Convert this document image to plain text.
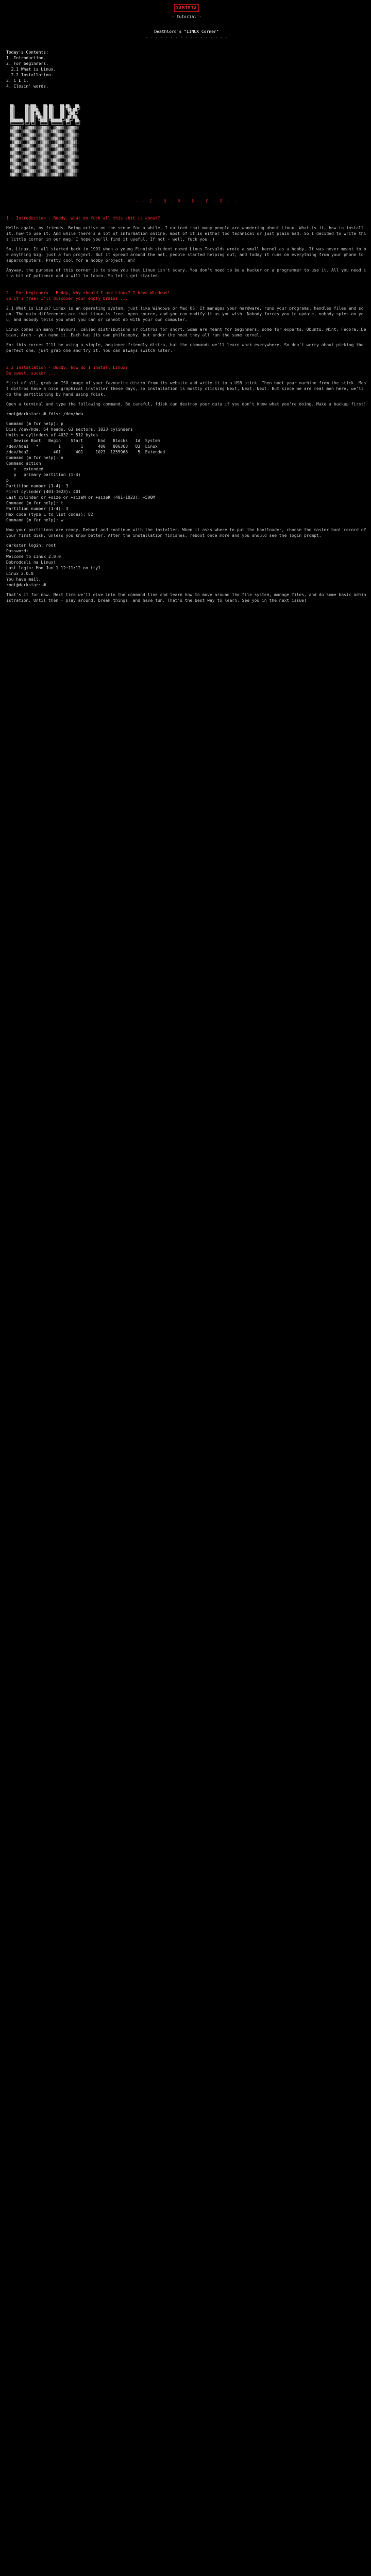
XAMIRIA
- tutorial -
Deathlord's "LINUX Corner"
- - - - - - - - - - - - - - - - -
Today's Contents:
1. Introduction.
2. For beginners.
2.1 What is Linux.
2.2 Installation.
3. C L I.
4. Closin' words.
██╗     ██╗███╗   ██╗██╗   ██╗██╗  ██╗
██║     ██║████╗  ██║██║   ██║╚██╗██╔╝
██║     ██║██╔██╗ ██║██║   ██║ ╚███╔╝
██║     ██║██║╚██╗██║██║   ██║ ██╔██╗
███████╗██║██║ ╚████║╚██████╔╝██╔╝ ██╗
╚══════╝╚═╝╚═╝  ╚═══╝ ╚═════╝ ╚═╝  ╚═╝
░▒▓█▓▒░ ░▒▓█▓▒░░▒▓█▓▒░ ░▒▓█▓▒░░▒▓█▓▒░
▓█▓▒░ ░▒▓█▓▒░ ░▒▓█▓▒░░▒▓█▓▒░ ░▒▓█▓▒░
░▒▓█▓▒░ ░▒▓█▓▒░░▒▓█▓▒░ ░▒▓█▓▒░░▒▓█▓▒░
▓█▓▒░ ░▒▓█▓▒░ ░▒▓█▓▒░░▒▓█▓▒░ ░▒▓█▓▒░
░▒▓█▓▒░ ░▒▓█▓▒░░▒▓█▓▒░ ░▒▓█▓▒░░▒▓█▓▒░
▓█▓▒░ ░▒▓█▓▒░ ░▒▓█▓▒░░▒▓█▓▒░ ░▒▓█▓▒░
░▒▓█▓▒░ ░▒▓█▓▒░░▒▓█▓▒░ ░▒▓█▓▒░░▒▓█▓▒░
▓█▓▒░ ░▒▓█▓▒░ ░▒▓█▓▒░░▒▓█▓▒░ ░▒▓█▓▒░
░▒▓█▓▒░ ░▒▓█▓▒░░▒▓█▓▒░ ░▒▓█▓▒░░▒▓█▓▒░
▓█▓▒░ ░▒▓█▓▒░ ░▒▓█▓▒░░▒▓█▓▒░ ░▒▓█▓▒░
░▒▓█▓▒░ ░▒▓█▓▒░░▒▓█▓▒░ ░▒▓█▓▒░░▒▓█▓▒░
▓█▓▒░ ░▒▓█▓▒░ ░▒▓█▓▒░░▒▓█▓▒░ ░▒▓█▓▒░
░▒▓█▓▒░ ░▒▓█▓▒░░▒▓█▓▒░ ░▒▓█▓▒░░▒▓█▓▒░
▓█▓▒░ ░▒▓█▓▒░ ░▒▓█▓▒░░▒▓█▓▒░ ░▒▓█▓▒░
- - C - O - R - N - E - R - -
1 - Introduction - Buddy, what do fuck all this shit is about?
Hello again, my friends. Being active on the scene for a while, I noticed that many people are wondering about Linux. What is it, how to install it, how to use it. And while there's a lot of information online, most of it is either too technical or just plain bad. So I decided to write this little corner in our mag. I hope you'll find it useful. If not - well, fuck you ;)
So, Linux. It all started back in 1991 when a young Finnish student named Linus Torvalds wrote a small kernel as a hobby. It was never meant to be anything big, just a fun project. But it spread around the net, people started helping out, and today it runs on everything from your phone to supercomputers. Pretty cool for a hobby project, eh?
Anyway, the purpose of this corner is to show you that Linux isn't scary. You don't need to be a hacker or a programmer to use it. All you need is a bit of patience and a will to learn. So let's get started.
2 - For beginners - Buddy, why should I use Linux? I have Windows!
So it's free? I'll discover your empty brains ...
2.1 What is Linux? Linux is an operating system, just like Windows or Mac OS. It manages your hardware, runs your programs, handles files and so on. The main differences are that Linux is free, open source, and you can modify it as you wish. Nobody forces you to update, nobody spies on you, and nobody tells you what you can or cannot do with your own computer.
Linux comes in many flavours, called distributions or distros for short. Some are meant for beginners, some for experts. Ubuntu, Mint, Fedora, Debian, Arch - you name it. Each has its own philosophy, but under the hood they all run the same kernel.
For this corner I'll be using a simple, beginner-friendly distro, but the commands we'll learn work everywhere. So don't worry about picking the perfect one, just grab one and try it. You can always switch later.
2.2 Installation - Buddy, how do I install Linux?
Be sweet, sucker ...
First of all, grab an ISO image of your favourite distro from its website and write it to a USB stick. Then boot your machine from the stick. Most distros have a nice graphical installer these days, so installation is mostly clicking Next, Next, Next. But since we are real men here, we'll do the partitioning by hand using fdisk.
Open a terminal and type the following command. Be careful, fdisk can destroy your data if you don't know what you're doing. Make a backup first!
root@darkstar:~# fdisk /dev/hda
Command (m for help): p
Disk /dev/hda: 64 heads, 63 sectors, 1023 cylinders
Units = cylinders of 4032 * 512 bytes
Device Boot   Begin    Start      End   Blocks   Id  System
/dev/hda1   *        1        1      400   806368   83  Linux
/dev/hda2          401      401     1023  1255968    5  Extended
Command (m for help): n
Command action
e   extended
p   primary partition (1-4)
p
Partition number (1-4): 3
First cylinder (401-1023): 401
Last cylinder or +size or +sizeM or +sizeK (401-1023): +500M
Command (m for help): t
Partition number (1-4): 3
Hex code (type L to list codes): 82
Command (m for help): w
Now your partitions are ready. Reboot and continue with the installer. When it asks where to put the bootloader, choose the master boot record of your first disk, unless you know better. After the installation finishes, reboot once more and you should see the login prompt.
darkstar login: root
Password:
Welcome to Linux 2.0.0
Dobrodosli na Linux!
Last login: Mon Jun 1 12:11:12 on tty1
Linux 2.0.0
You have mail.
root@darkstar:~#
That's it for now. Next time we'll dive into the command line and learn how to move around the file system, manage files, and do some basic administration. Until then - play around, break things, and have fun. That's the best way to learn. See you in the next issue!
